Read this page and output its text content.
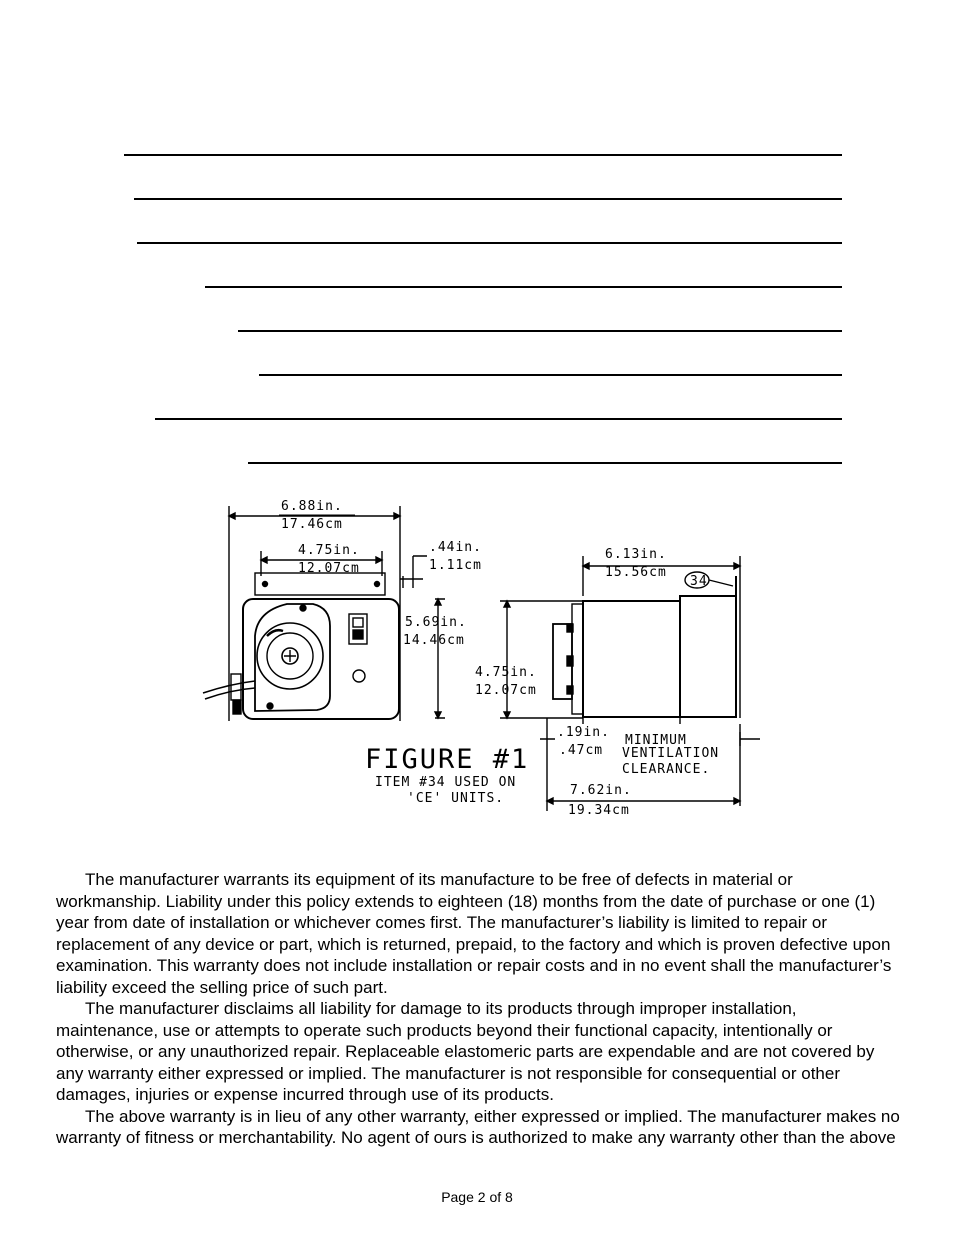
6.88in.
17.46cm
4.75in.
12.07cm
.44in.
1.11cm
5.69in.
14.46cm
6.13in.
15.56cm
34
4.75in.
12.07cm
.19in.
.47cm
MINIMUM
VENTILATION
CLEARANCE.
7.62in.
19.34cm
FIGURE #1
ITEM #34 USED ON
'CE' UNITS.

The manufacturer warrants its equipment of its manufacture to be free of defects in material or workmanship. Liability under this policy extends to eighteen (18) months from the date of purchase or one (1) year from date of installation or whichever comes first. The manufacturer’s liability is limited to repair or replacement of any device or part, which is returned, prepaid, to the factory and which is proven defective upon examination. This warranty does not include installation or repair costs and in no event shall the manufacturer’s liability exceed the selling price of such part.

The manufacturer disclaims all liability for damage to its products through improper installation, maintenance, use or attempts to operate such products beyond their functional capacity, intentionally or otherwise, or any unauthorized repair. Replaceable elastomeric parts are expendable and are not covered by any warranty either expressed or implied. The manufacturer is not responsible for consequential or other damages, injuries or expense incurred through use of its products.

The above warranty is in lieu of any other warranty, either expressed or implied. The manufacturer makes no warranty of fitness or merchantability. No agent of ours is authorized to make any warranty other than the above

Page 2 of 8
